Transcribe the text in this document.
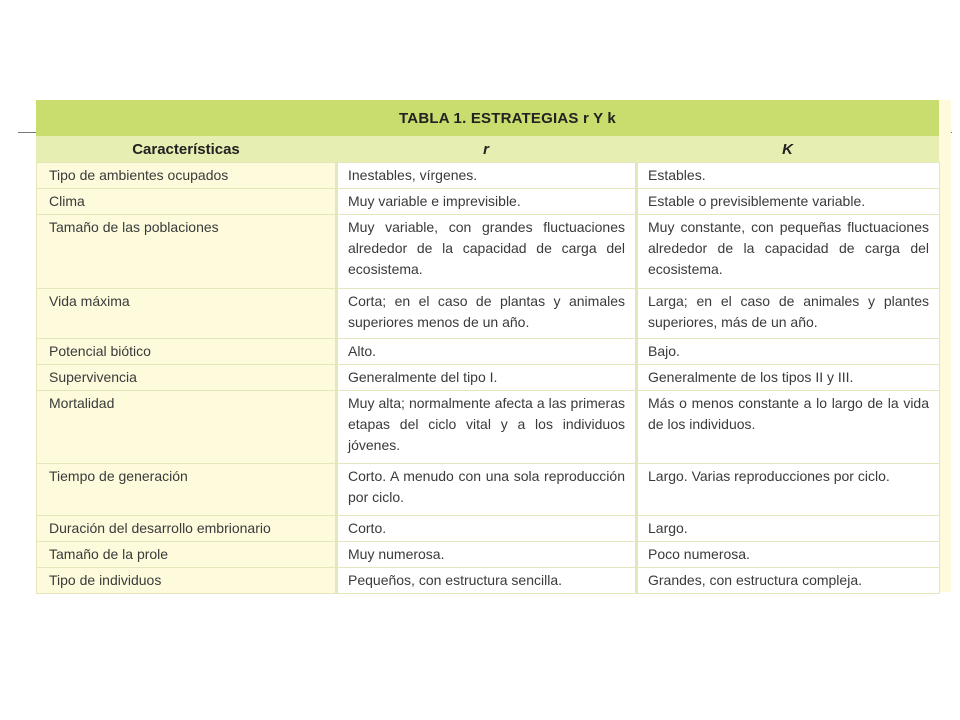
TABLA 1. ESTRATEGIAS r Y k
Características	r	K
Tipo de ambientes ocupados	Inestables, vírgenes.	Estables.
Clima	Muy variable e imprevisible.	Estable o previsiblemente variable.
Tamaño de las poblaciones	Muy variable, con grandes fluctuaciones alrededor de la capacidad de carga del ecosistema.	Muy constante, con pequeñas fluctuaciones alrededor de la capacidad de carga del ecosistema.
Vida máxima	Corta; en el caso de plantas y animales superiores menos de un año.	Larga; en el caso de animales y plantes superiores, más de un año.
Potencial biótico	Alto.	Bajo.
Supervivencia	Generalmente del tipo I.	Generalmente de los tipos II y III.
Mortalidad	Muy alta; normalmente afecta a las primeras etapas del ciclo vital y a los individuos jóvenes.	Más o menos constante a lo largo de la vida de los individuos.
Tiempo de generación	Corto. A menudo con una sola reproducción por ciclo.	Largo. Varias reproducciones por ciclo.
Duración del desarrollo embrionario	Corto.	Largo.
Tamaño de la prole	Muy numerosa.	Poco numerosa.
Tipo de individuos	Pequeños, con estructura sencilla.	Grandes, con estructura compleja.
